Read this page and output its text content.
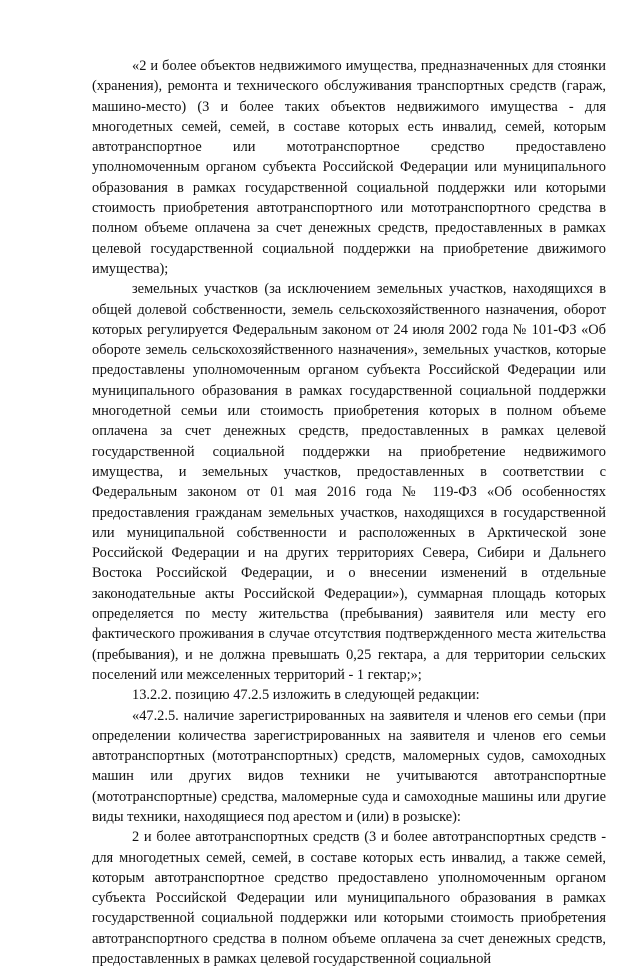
«2 и более объектов недвижимого имущества, предназначенных для стоянки (хранения), ремонта и технического обслуживания транспортных средств (гараж, машино-место) (3 и более таких объектов недвижимого имущества - для многодетных семей, семей, в составе которых есть инвалид, семей, которым автотранспортное или мототранспортное средство предоставлено уполномоченным органом субъекта Российской Федерации или муниципального образования в рамках государственной социальной поддержки или которыми стоимость приобретения автотранспортного или мототранспортного средства в полном объеме оплачена за счет денежных средств, предоставленных в рамках целевой государственной социальной поддержки на приобретение движимого имущества);

земельных участков (за исключением земельных участков, находящихся в общей долевой собственности, земель сельскохозяйственного назначения, оборот которых регулируется Федеральным законом от 24 июля 2002 года № 101-ФЗ «Об обороте земель сельскохозяйственного назначения», земельных участков, которые предоставлены уполномоченным органом субъекта Российской Федерации или муниципального образования в рамках государственной социальной поддержки многодетной семьи или стоимость приобретения которых в полном объеме оплачена за счет денежных средств, предоставленных в рамках целевой государственной социальной поддержки на приобретение недвижимого имущества, и земельных участков, предоставленных в соответствии с Федеральным законом от 01 мая 2016 года № 119-ФЗ «Об особенностях предоставления гражданам земельных участков, находящихся в государственной или муниципальной собственности и расположенных в Арктической зоне Российской Федерации и на других территориях Севера, Сибири и Дальнего Востока Российской Федерации, и о внесении изменений в отдельные законодательные акты Российской Федерации»), суммарная площадь которых определяется по месту жительства (пребывания) заявителя или месту его фактического проживания в случае отсутствия подтвержденного места жительства (пребывания), и не должна превышать 0,25 гектара, а для территории сельских поселений или межселенных территорий - 1 гектар;»;

13.2.2. позицию 47.2.5 изложить в следующей редакции:

«47.2.5. наличие зарегистрированных на заявителя и членов его семьи (при определении количества зарегистрированных на заявителя и членов его семьи автотранспортных (мототранспортных) средств, маломерных судов, самоходных машин или других видов техники не учитываются автотранспортные (мототранспортные) средства, маломерные суда и самоходные машины или другие виды техники, находящиеся под арестом и (или) в розыске):

2 и более автотранспортных средств (3 и более автотранспортных средств - для многодетных семей, семей, в составе которых есть инвалид, а также семей, которым автотранспортное средство предоставлено уполномоченным органом субъекта Российской Федерации или муниципального образования в рамках государственной социальной поддержки или которыми стоимость приобретения автотранспортного средства в полном объеме оплачена за счет денежных средств, предоставленных в рамках целевой государственной социальной
